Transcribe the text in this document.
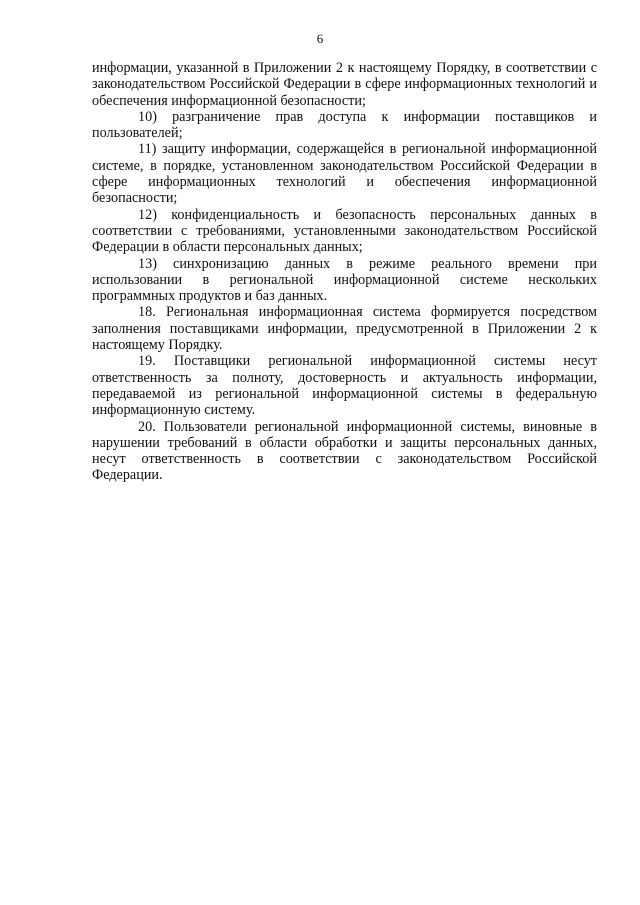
6

информации, указанной в Приложении 2 к настоящему Порядку, в соответствии с законодательством Российской Федерации в сфере информационных технологий и обеспечения информационной безопасности;

10) разграничение прав доступа к информации поставщиков и пользователей;

11) защиту информации, содержащейся в региональной информационной системе, в порядке, установленном законодательством Российской Федерации в сфере информационных технологий и обеспечения информационной безопасности;

12) конфиденциальность и безопасность персональных данных в соответствии с требованиями, установленными законодательством Российской Федерации в области персональных данных;

13) синхронизацию данных в режиме реального времени при использовании в региональной информационной системе нескольких программных продуктов и баз данных.

18. Региональная информационная система формируется посредством заполнения поставщиками информации, предусмотренной в Приложении 2 к настоящему Порядку.

19. Поставщики региональной информационной системы несут ответственность за полноту, достоверность и актуальность информации, передаваемой из региональной информационной системы в федеральную информационную систему.

20. Пользователи региональной информационной системы, виновные в нарушении требований в области обработки и защиты персональных данных, несут ответственность в соответствии с законодательством Российской Федерации.
